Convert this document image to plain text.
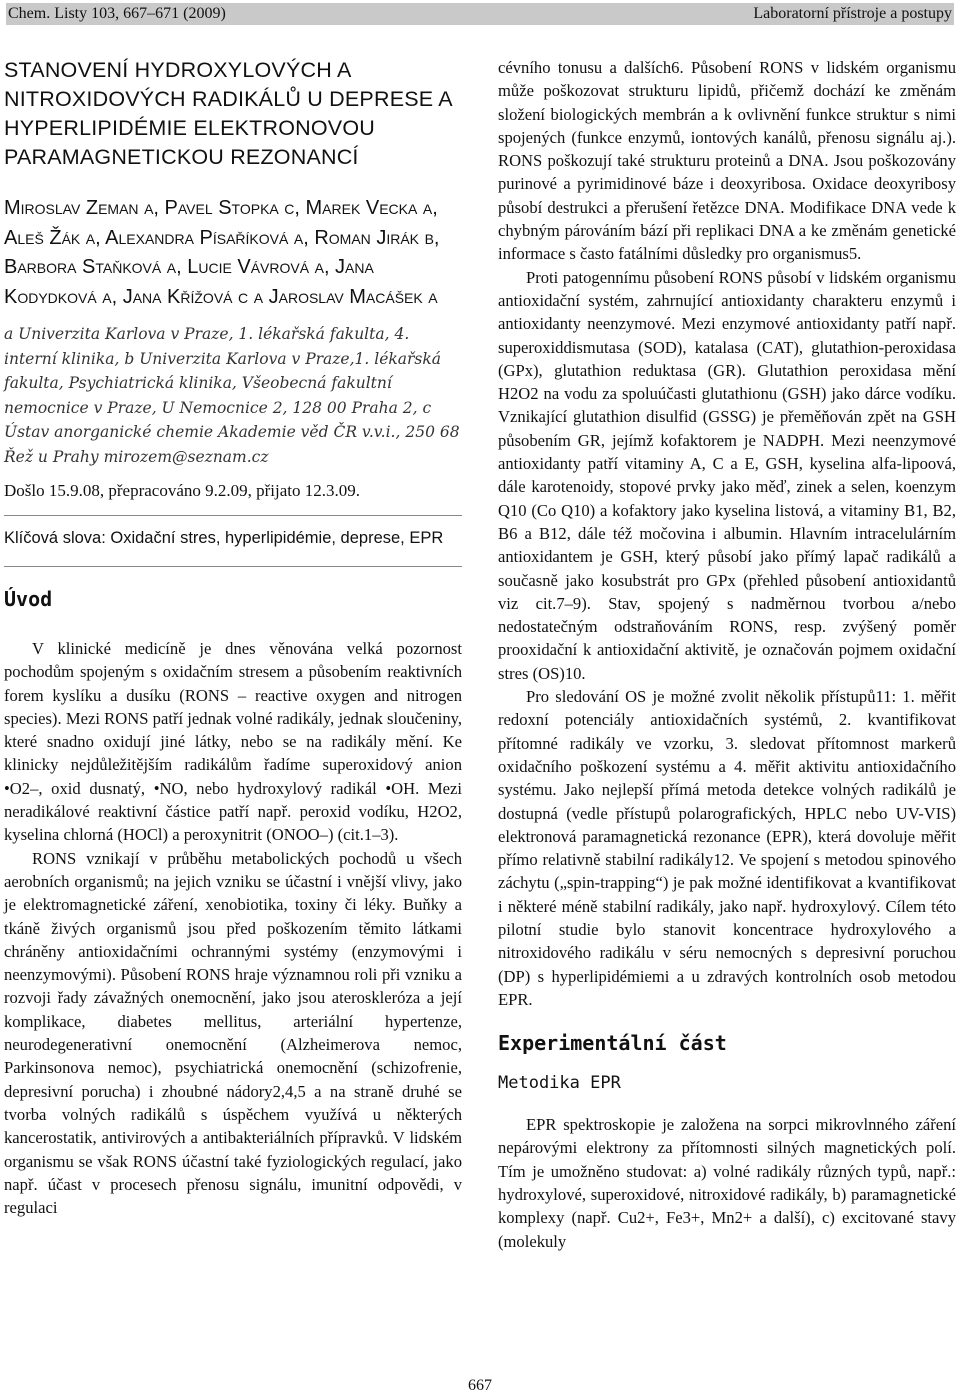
Chem. Listy 103, 667–671 (2009)	Laboratorní přístroje a postupy
STANOVENÍ HYDROXYLOVÝCH A NITROXIDOVÝCH RADIKÁLŮ U DEPRESE A HYPERLIPIDÉMIE ELEKTRONOVOU PARAMAGNETICKOU REZONANCÍ
Miroslav Zeman a, Pavel Stopka c, Marek Vecka a, Aleš Žák a, Alexandra Písaříková a, Roman Jirák b, Barbora Staňková a, Lucie Vávrová a, Jana Kodydková a, Jana Křížová c a Jaroslav Macášek a
a Univerzita Karlova v Praze, 1. lékařská fakulta, 4. interní klinika, b Univerzita Karlova v Praze,1. lékařská fakulta, Psychiatrická klinika, Všeobecná fakultní nemocnice v Praze, U Nemocnice 2, 128 00 Praha 2, c Ústav anorganické chemie Akademie věd ČR v.v.i., 250 68 Řež u Prahy mirozem@seznam.cz
Došlo 15.9.08, přepracováno 9.2.09, přijato 12.3.09.
Klíčová slova: Oxidační stres, hyperlipidémie, deprese, EPR
Úvod

V klinické medicíně je dnes věnována velká pozornost pochodům spojeným s oxidačním stresem a působením reaktivních forem kyslíku a dusíku (RONS – reactive oxygen and nitrogen species). Mezi RONS patří jednak volné radikály, jednak sloučeniny, které snadno oxidují jiné látky, nebo se na radikály mění. Ke klinicky nejdůležitějším radikálům řadíme superoxidový anion •O2–, oxid dusnatý, •NO, nebo hydroxylový radikál •OH. Mezi neradikálové reaktivní částice patří např. peroxid vodíku, H2O2, kyselina chlorná (HOCl) a peroxynitrit (ONOO–) (cit.1–3).

RONS vznikají v průběhu metabolických pochodů u všech aerobních organismů; na jejich vzniku se účastní i vnější vlivy, jako je elektromagnetické záření, xenobiotika, toxiny či léky. Buňky a tkáně živých organismů jsou před poškozením těmito látkami chráněny antioxidačními ochrannými systémy (enzymovými i neenzymovými). Působení RONS hraje významnou roli při vzniku a rozvoji řady závažných onemocnění, jako jsou ateroskleróza a její komplikace, diabetes mellitus, arteriální hypertenze, neurodegenerativní onemocnění (Alzheimerova nemoc, Parkinsonova nemoc), psychiatrická onemocnění (schizofrenie, depresivní porucha) i zhoubné nádory2,4,5 a na straně druhé se tvorba volných radikálů s úspěchem využívá u některých kancerostatik, antivirových a antibakteriálních přípravků. V lidském organismu se však RONS účastní také fyziologických regulací, jako např. účast v procesech přenosu signálu, imunitní odpovědi, v regulaci

cévního tonusu a dalších6. Působení RONS v lidském organismu může poškozovat strukturu lipidů, přičemž dochází ke změnám složení biologických membrán a k ovlivnění funkce struktur s nimi spojených (funkce enzymů, iontových kanálů, přenosu signálu aj.). RONS poškozují také strukturu proteinů a DNA. Jsou poškozovány purinové a pyrimidinové báze i deoxyribosa. Oxidace deoxyribosy působí destrukci a přerušení řetězce DNA. Modifikace DNA vede k chybným párováním bází při replikaci DNA a ke změnám genetické informace s často fatálními důsledky pro organismus5.

Proti patogennímu působení RONS působí v lidském organismu antioxidační systém, zahrnující antioxidanty charakteru enzymů i antioxidanty neenzymové. Mezi enzymové antioxidanty patří např. superoxiddismutasa (SOD), katalasa (CAT), glutathion-peroxidasa (GPx), glutathion reduktasa (GR). Glutathion peroxidasa mění H2O2 na vodu za spoluúčasti glutathionu (GSH) jako dárce vodíku. Vznikající glutathion disulfid (GSSG) je přeměňován zpět na GSH působením GR, jejímž kofaktorem je NADPH. Mezi neenzymové antioxidanty patří vitaminy A, C a E, GSH, kyselina alfa-lipoová, dále karotenoidy, stopové prvky jako měď, zinek a selen, koenzym Q10 (Co Q10) a kofaktory jako kyselina listová, a vitaminy B1, B2, B6 a B12, dále též močovina i albumin. Hlavním intracelulárním antioxidantem je GSH, který působí jako přímý lapač radikálů a současně jako kosubstrát pro GPx (přehled působení antioxidantů viz cit.7–9). Stav, spojený s nadměrnou tvorbou a/nebo nedostatečným odstraňováním RONS, resp. zvýšený poměr prooxidační k antioxidační aktivitě, je označován pojmem oxidační stres (OS)10.

Pro sledování OS je možné zvolit několik přístupů11: 1. měřit redoxní potenciály antioxidačních systémů, 2. kvantifikovat přítomné radikály ve vzorku, 3. sledovat přítomnost markerů oxidačního poškození systému a 4. měřit aktivitu antioxidačního systému. Jako nejlepší přímá metoda detekce volných radikálů je dostupná (vedle přístupů polarografických, HPLC nebo UV-VIS) elektronová paramagnetická rezonance (EPR), která dovoluje měřit přímo relativně stabilní radikály12. Ve spojení s metodou spinového záchytu („spin-trapping“) je pak možné identifikovat a kvantifikovat i některé méně stabilní radikály, jako např. hydroxylový. Cílem této pilotní studie bylo stanovit koncentrace hydroxylového a nitroxidového radikálu v séru nemocných s depresivní poruchou (DP) s hyperlipidémiemi a u zdravých kontrolních osob metodou EPR.

Experimentální část
Metodika EPR

EPR spektroskopie je založena na sorpci mikrovlnného záření nepárovými elektrony za přítomnosti silných magnetických polí. Tím je umožněno studovat: a) volné radikály různých typů, např.: hydroxylové, superoxidové, nitroxidové radikály, b) paramagnetické komplexy (např. Cu2+, Fe3+, Mn2+ a další), c) excitované stavy (molekuly

667
